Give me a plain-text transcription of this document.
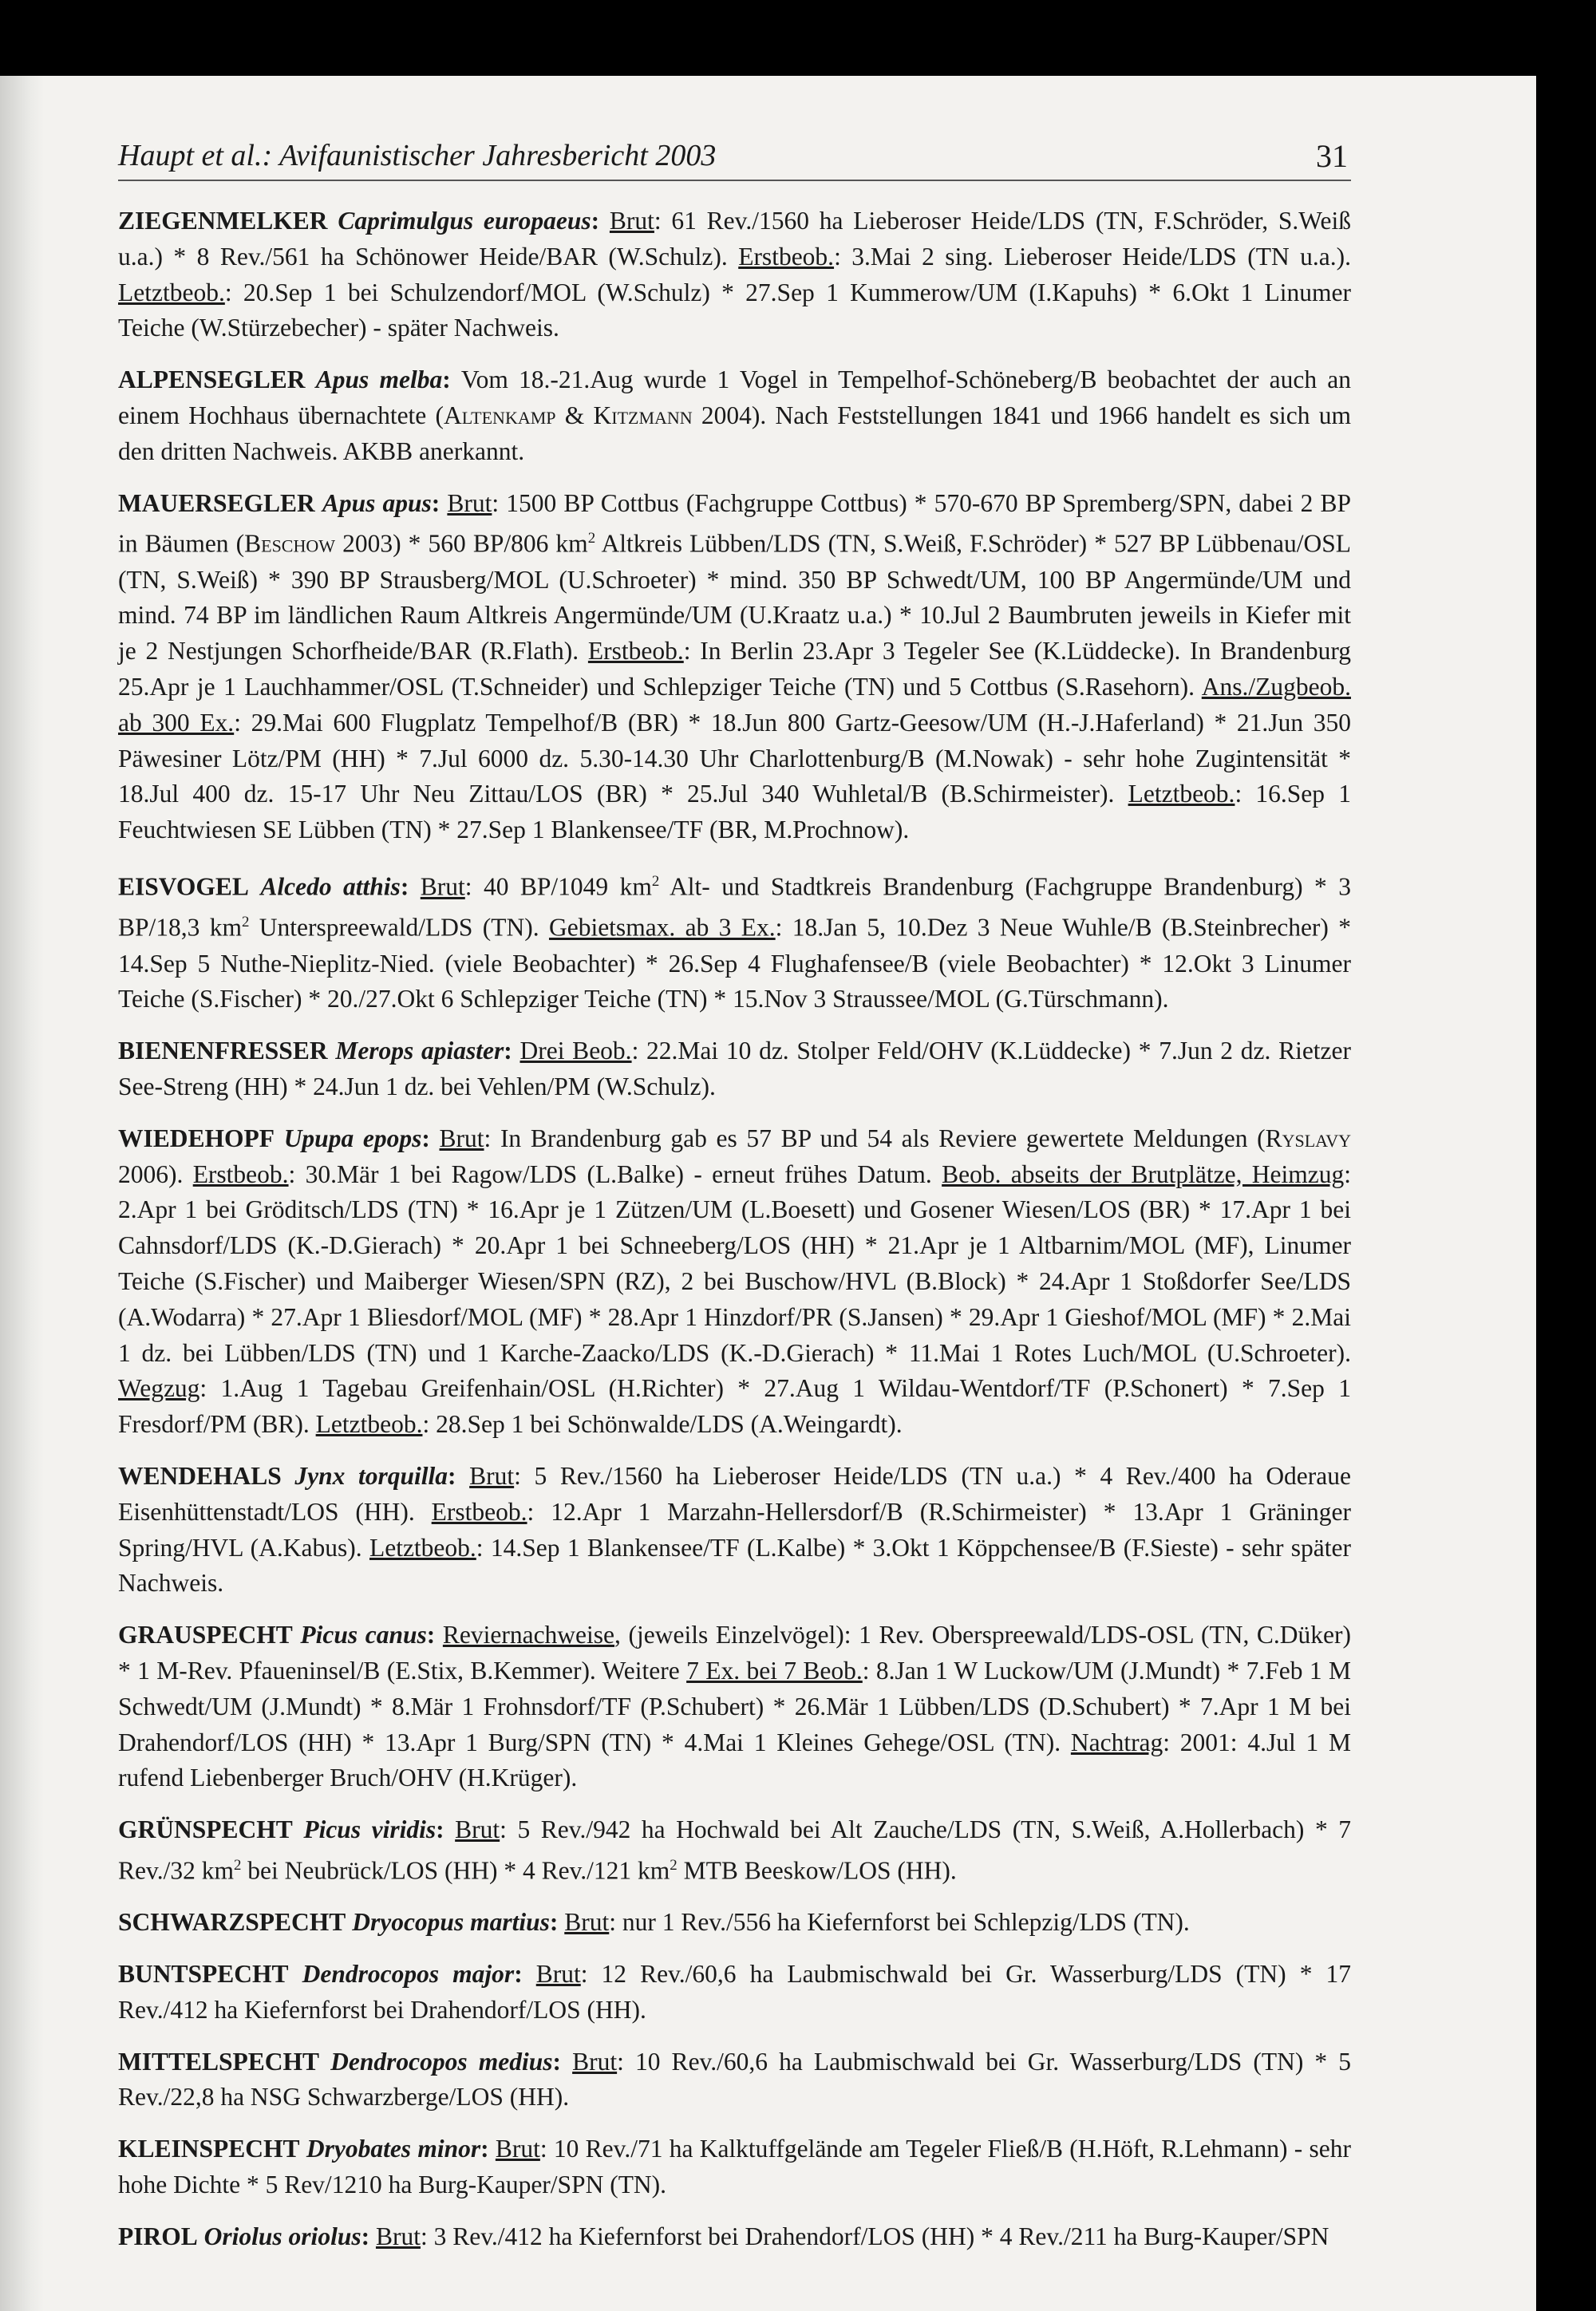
Haupt et al.: Avifaunistischer Jahresbericht 2003	31

ZIEGENMELKER Caprimulgus europaeus: Brut: 61 Rev./1560 ha Lieberoser Heide/LDS (TN, F.Schröder, S.Weiß u.a.) * 8 Rev./561 ha Schönower Heide/BAR (W.Schulz). Erstbeob.: 3.Mai 2 sing. Lieberoser Heide/LDS (TN u.a.). Letztbeob.: 20.Sep 1 bei Schulzendorf/MOL (W.Schulz) * 27.Sep 1 Kummerow/UM (I.Kapuhs) * 6.Okt 1 Linumer Teiche (W.Stürzebecher) - später Nachweis.

ALPENSEGLER Apus melba: Vom 18.-21.Aug wurde 1 Vogel in Tempelhof-Schöneberg/B beobachtet der auch an einem Hochhaus übernachtete (Altenkamp & Kitzmann 2004). Nach Feststellungen 1841 und 1966 handelt es sich um den dritten Nachweis. AKBB anerkannt.

MAUERSEGLER Apus apus: Brut: 1500 BP Cottbus (Fachgruppe Cottbus) * 570-670 BP Spremberg/SPN, dabei 2 BP in Bäumen (Beschow 2003) * 560 BP/806 $km^2$ Altkreis Lübben/LDS (TN, S.Weiß, F.Schröder) * 527 BP Lübbenau/OSL (TN, S.Weiß) * 390 BP Strausberg/MOL (U.Schroeter) * mind. 350 BP Schwedt/UM, 100 BP Angermünde/UM und mind. 74 BP im ländlichen Raum Altkreis Angermünde/UM (U.Kraatz u.a.) * 10.Jul 2 Baumbruten jeweils in Kiefer mit je 2 Nestjungen Schorfheide/BAR (R.Flath). Erstbeob.: In Berlin 23.Apr 3 Tegeler See (K.Lüddecke). In Brandenburg 25.Apr je 1 Lauchhammer/OSL (T.Schneider) und Schlepziger Teiche (TN) und 5 Cottbus (S.Rasehorn). Ans./Zugbeob. ab 300 Ex.: 29.Mai 600 Flugplatz Tempelhof/B (BR) * 18.Jun 800 Gartz-Geesow/UM (H.-J.Haferland) * 21.Jun 350 Päwesiner Lötz/PM (HH) * 7.Jul 6000 dz. 5.30-14.30 Uhr Charlottenburg/B (M.Nowak) - sehr hohe Zugintensität * 18.Jul 400 dz. 15-17 Uhr Neu Zittau/LOS (BR) * 25.Jul 340 Wuhletal/B (B.Schirmeister). Letztbeob.: 16.Sep 1 Feuchtwiesen SE Lübben (TN) * 27.Sep 1 Blankensee/TF (BR, M.Prochnow).

EISVOGEL Alcedo atthis: Brut: 40 BP/1049 $km^2$ Alt- und Stadtkreis Brandenburg (Fachgruppe Brandenburg) * 3 BP/18,3 $km^2$ Unterspreewald/LDS (TN). Gebietsmax. ab 3 Ex.: 18.Jan 5, 10.Dez 3 Neue Wuhle/B (B.Steinbrecher) * 14.Sep 5 Nuthe-Nieplitz-Nied. (viele Beobachter) * 26.Sep 4 Flughafensee/B (viele Beobachter) * 12.Okt 3 Linumer Teiche (S.Fischer) * 20./27.Okt 6 Schlepziger Teiche (TN) * 15.Nov 3 Straussee/MOL (G.Türschmann).

BIENENFRESSER Merops apiaster: Drei Beob.: 22.Mai 10 dz. Stolper Feld/OHV (K.Lüddecke) * 7.Jun 2 dz. Rietzer See-Streng (HH) * 24.Jun 1 dz. bei Vehlen/PM (W.Schulz).

WIEDEHOPF Upupa epops: Brut: In Brandenburg gab es 57 BP und 54 als Reviere gewertete Meldungen (Ryslavy 2006). Erstbeob.: 30.Mär 1 bei Ragow/LDS (L.Balke) - erneut frühes Datum. Beob. abseits der Brutplätze, Heimzug: 2.Apr 1 bei Gröditsch/LDS (TN) * 16.Apr je 1 Zützen/UM (L.Boesett) und Gosener Wiesen/LOS (BR) * 17.Apr 1 bei Cahnsdorf/LDS (K.-D.Gierach) * 20.Apr 1 bei Schneeberg/LOS (HH) * 21.Apr je 1 Altbarnim/MOL (MF), Linumer Teiche (S.Fischer) und Maiberger Wiesen/SPN (RZ), 2 bei Buschow/HVL (B.Block) * 24.Apr 1 Stoßdorfer See/LDS (A.Wodarra) * 27.Apr 1 Bliesdorf/MOL (MF) * 28.Apr 1 Hinzdorf/PR (S.Jansen) * 29.Apr 1 Gieshof/MOL (MF) * 2.Mai 1 dz. bei Lübben/LDS (TN) und 1 Karche-Zaacko/LDS (K.-D.Gierach) * 11.Mai 1 Rotes Luch/MOL (U.Schroeter). Wegzug: 1.Aug 1 Tagebau Greifenhain/OSL (H.Richter) * 27.Aug 1 Wildau-Wentdorf/TF (P.Schonert) * 7.Sep 1 Fresdorf/PM (BR). Letztbeob.: 28.Sep 1 bei Schönwalde/LDS (A.Weingardt).

WENDEHALS Jynx torquilla: Brut: 5 Rev./1560 ha Lieberoser Heide/LDS (TN u.a.) * 4 Rev./400 ha Oderaue Eisenhüttenstadt/LOS (HH). Erstbeob.: 12.Apr 1 Marzahn-Hellersdorf/B (R.Schirmeister) * 13.Apr 1 Gräninger Spring/HVL (A.Kabus). Letztbeob.: 14.Sep 1 Blankensee/TF (L.Kalbe) * 3.Okt 1 Köppchensee/B (F.Sieste) - sehr später Nachweis.

GRAUSPECHT Picus canus: Reviernachweise, (jeweils Einzelvögel): 1 Rev. Oberspreewald/LDS-OSL (TN, C.Düker) * 1 M-Rev. Pfaueninsel/B (E.Stix, B.Kemmer). Weitere 7 Ex. bei 7 Beob.: 8.Jan 1 W Luckow/UM (J.Mundt) * 7.Feb 1 M Schwedt/UM (J.Mundt) * 8.Mär 1 Frohnsdorf/TF (P.Schubert) * 26.Mär 1 Lübben/LDS (D.Schubert) * 7.Apr 1 M bei Drahendorf/LOS (HH) * 13.Apr 1 Burg/SPN (TN) * 4.Mai 1 Kleines Gehege/OSL (TN). Nachtrag: 2001: 4.Jul 1 M rufend Liebenberger Bruch/OHV (H.Krüger).

GRÜNSPECHT Picus viridis: Brut: 5 Rev./942 ha Hochwald bei Alt Zauche/LDS (TN, S.Weiß, A.Hollerbach) * 7 Rev./32 $km^2$ bei Neubrück/LOS (HH) * 4 Rev./121 $km^2$ MTB Beeskow/LOS (HH).

SCHWARZSPECHT Dryocopus martius: Brut: nur 1 Rev./556 ha Kiefernforst bei Schlepzig/LDS (TN).

BUNTSPECHT Dendrocopos major: Brut: 12 Rev./60,6 ha Laubmischwald bei Gr. Wasserburg/LDS (TN) * 17 Rev./412 ha Kiefernforst bei Drahendorf/LOS (HH).

MITTELSPECHT Dendrocopos medius: Brut: 10 Rev./60,6 ha Laubmischwald bei Gr. Wasserburg/LDS (TN) * 5 Rev./22,8 ha NSG Schwarzberge/LOS (HH).

KLEINSPECHT Dryobates minor: Brut: 10 Rev./71 ha Kalktuffgelände am Tegeler Fließ/B (H.Höft, R.Lehmann) - sehr hohe Dichte * 5 Rev/1210 ha Burg-Kauper/SPN (TN).

PIROL Oriolus oriolus: Brut: 3 Rev./412 ha Kiefernforst bei Drahendorf/LOS (HH) * 4 Rev./211 ha Burg-Kauper/SPN
